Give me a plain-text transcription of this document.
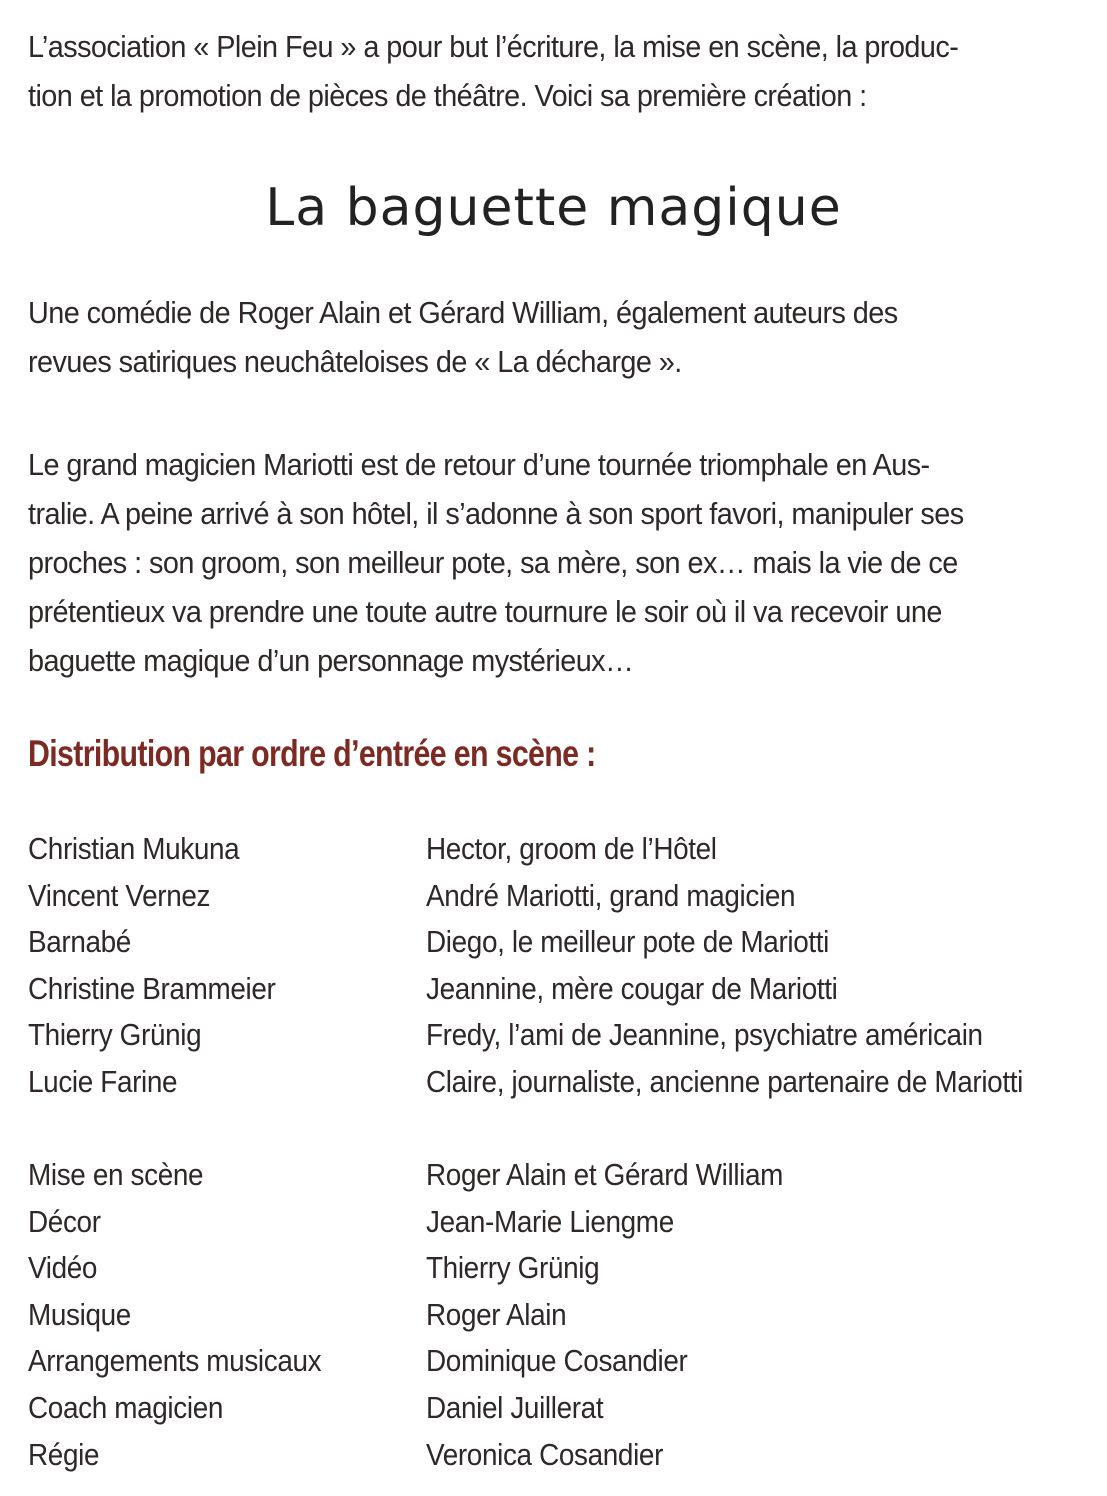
L’association « Plein Feu » a pour but l’écriture, la mise en scène, la produc-
tion et la promotion de pièces de théâtre. Voici sa première création :

La baguette magique

Une comédie de Roger Alain et Gérard William, également auteurs des
revues satiriques neuchâteloises de « La décharge ».

Le grand magicien Mariotti est de retour d’une tournée triomphale en Aus-
tralie. A peine arrivé à son hôtel, il s’adonne à son sport favori, manipuler ses
proches : son groom, son meilleur pote, sa mère, son ex… mais la vie de ce
prétentieux va prendre une toute autre tournure le soir où il va recevoir une
baguette magique d’un personnage mystérieux…

Distribution par ordre d’entrée en scène :
Christian Mukuna	Hector, groom de l’Hôtel
Vincent Vernez	André Mariotti, grand magicien
Barnabé	Diego, le meilleur pote de Mariotti
Christine Brammeier	Jeannine, mère cougar de Mariotti
Thierry Grünig	Fredy, l’ami de Jeannine, psychiatre américain
Lucie Farine	Claire, journaliste, ancienne partenaire de Mariotti
Mise en scène	Roger Alain et Gérard William
Décor	Jean-Marie Liengme
Vidéo	Thierry Grünig
Musique	Roger Alain
Arrangements musicaux	Dominique Cosandier
Coach magicien	Daniel Juillerat
Régie	Veronica Cosandier
